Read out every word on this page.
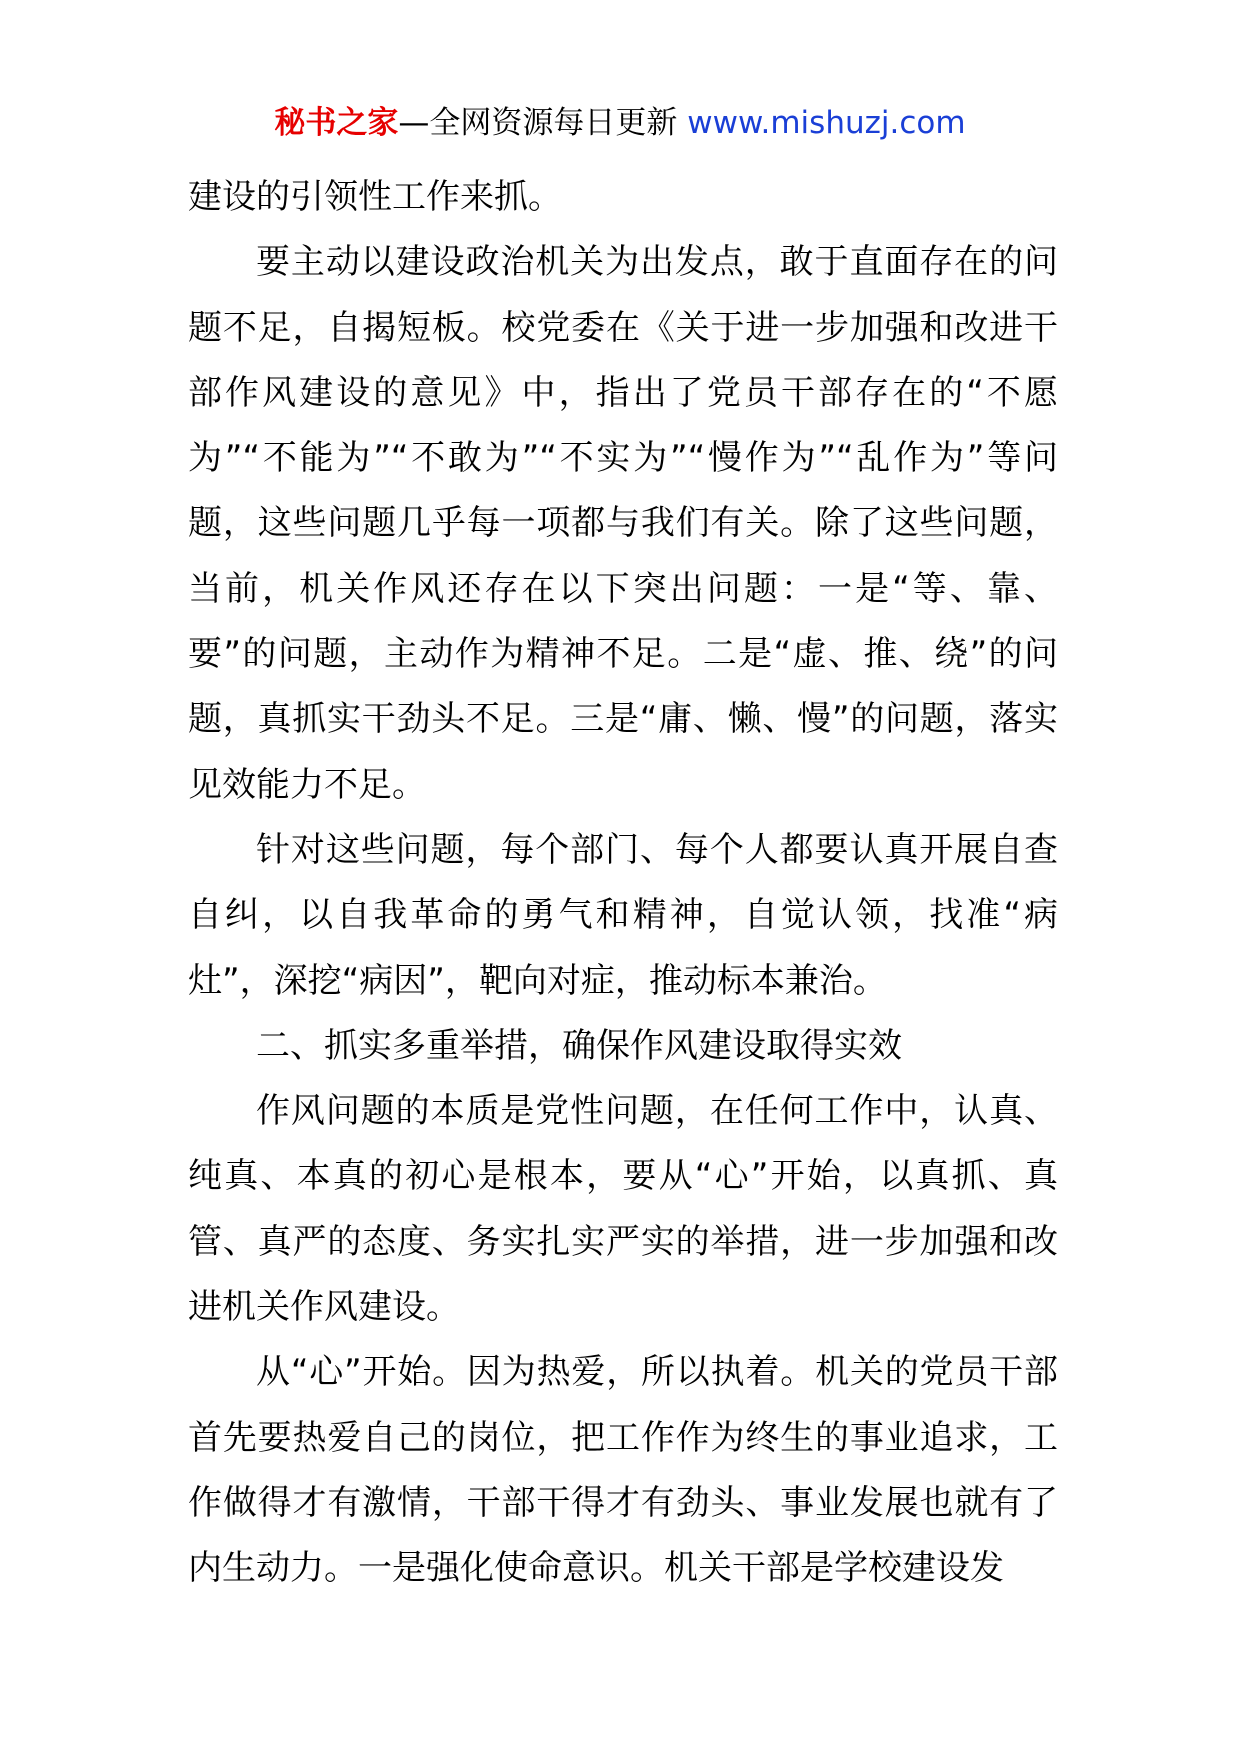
秘书之家—全网资源每日更新 www.mishuzj.com

建设的引领性工作来抓。

要主动以建设政治机关为出发点，敢于直面存在的问题不足，自揭短板。校党委在《关于进一步加强和改进干部作风建设的意见》中，指出了党员干部存在的“不愿为”“不能为”“不敢为”“不实为”“慢作为”“乱作为”等问题，这些问题几乎每一项都与我们有关。除了这些问题，当前，机关作风还存在以下突出问题：一是“等、靠、要”的问题，主动作为精神不足。二是“虚、推、绕”的问题，真抓实干劲头不足。三是“庸、懒、慢”的问题，落实见效能力不足。

针对这些问题，每个部门、每个人都要认真开展自查自纠，以自我革命的勇气和精神，自觉认领，找准“病灶”，深挖“病因”，靶向对症，推动标本兼治。

二、抓实多重举措，确保作风建设取得实效

作风问题的本质是党性问题，在任何工作中，认真、纯真、本真的初心是根本，要从“心”开始，以真抓、真管、真严的态度、务实扎实严实的举措，进一步加强和改进机关作风建设。

从“心”开始。因为热爱，所以执着。机关的党员干部首先要热爱自己的岗位，把工作作为终生的事业追求，工作做得才有激情，干部干得才有劲头、事业发展也就有了内生动力。一是强化使命意识。机关干部是学校建设发
